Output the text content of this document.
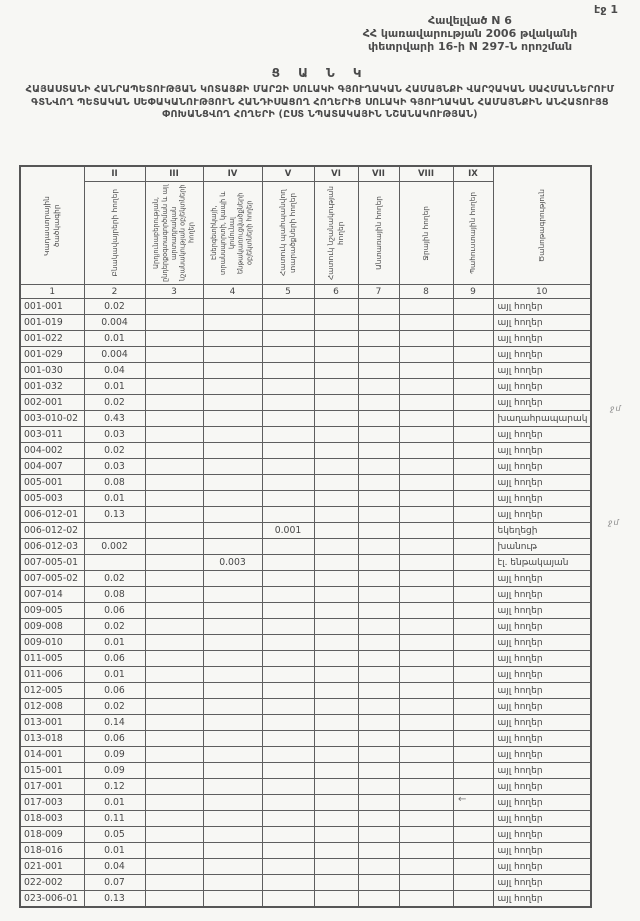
էջ 1
Հավելված N 6
ՀՀ կառավարության 2006 թվականի
փետրվարի 16-ի N 297-Ն որոշման

Ց Ա Ն Կ

ՀԱՅԱՍՏԱՆԻ ՀԱՆՐԱՊԵՏՈՒԹՅԱՆ ԿՈՏԱՅՔԻ ՄԱՐԶԻ ՍՈԼԱԿԻ ԳՅՈՒՂԱԿԱՆ ՀԱՄԱՅՆՔԻ ՎԱՐՉԱԿԱՆ ՍԱՀՄԱՆՆԵՐՈՒՄ ԳՏՆՎՈՂ ՊԵՏԱԿԱՆ ՍԵՓԱԿԱՆՈՒԹՅՈՒՆ ՀԱՆԴԻՍԱՑՈՂ ՀՈՂԵՐԻՑ ՍՈԼԱԿԻ ԳՅՈՒՂԱԿԱՆ ՀԱՄԱՅՆՔԻՆ ԱՆՀԱՏՈՒՅՑ ՓՈԽԱՆՑՎՈՂ ՀՈՂԵՐԻ (ԸՍՏ ՆՊԱՏԱԿԱՅԻՆ ՆՇԱՆԱԿՈՒԹՅԱՆ)

Կադաստրային ծածկագիր	II	III	IV	V	VI	VII	VIII	IX	Ծանոթագրություն

	Բնակավայրերի հողեր	Արդյունաբերության, ընդերքօգտագործման և այլ արտադրական նշանակության օբյեկտների հողեր	Էներգետիկայի, տրանսպորտի, կապի և կոմունալ ենթակառուցվածքների օբյեկտների հողեր	Հատուկ պահպանվող տարածքների հողեր	Հատուկ նշանակության հողեր	Անտառային հողեր	Ջրային հողեր	Պահուստային հողեր	

1	2	3	4	5	6	7	8	9	10
001-001	0.02								այլ հողեր
001-019	0.004								այլ հողեր
001-022	0.01								այլ հողեր
001-029	0.004								այլ հողեր
001-030	0.04								այլ հողեր
001-032	0.01								այլ հողեր
002-001	0.02								այլ հողեր
003-010-02	0.43								խաղահրապարակ
003-011	0.03								այլ հողեր
004-002	0.02								այլ հողեր
004-007	0.03								այլ հողեր
005-001	0.08								այլ հողեր
005-003	0.01								այլ հողեր
006-012-01	0.13								այլ հողեր
006-012-02				0.001					եկեղեցի
006-012-03	0.002								խանութ
007-005-01			0.003						էլ. ենթակայան
007-005-02	0.02								այլ հողեր
007-014	0.08								այլ հողեր
009-005	0.06								այլ հողեր
009-008	0.02								այլ հողեր
009-010	0.01								այլ հողեր
011-005	0.06								այլ հողեր
011-006	0.01								այլ հողեր
012-005	0.06								այլ հողեր
012-008	0.02								այլ հողեր
013-001	0.14								այլ հողեր
013-018	0.06								այլ հողեր
014-001	0.09								այլ հողեր
015-001	0.09								այլ հողեր
017-001	0.12								այլ հողեր
017-003	0.01								այլ հողեր
018-003	0.11								այլ հողեր
018-009	0.05								այլ հողեր
018-016	0.01								այլ հողեր
021-001	0.04								այլ հողեր
022-002	0.07								այլ հողեր
023-006-01	0.13								այլ հողեր
ջմ
ջմ
←
